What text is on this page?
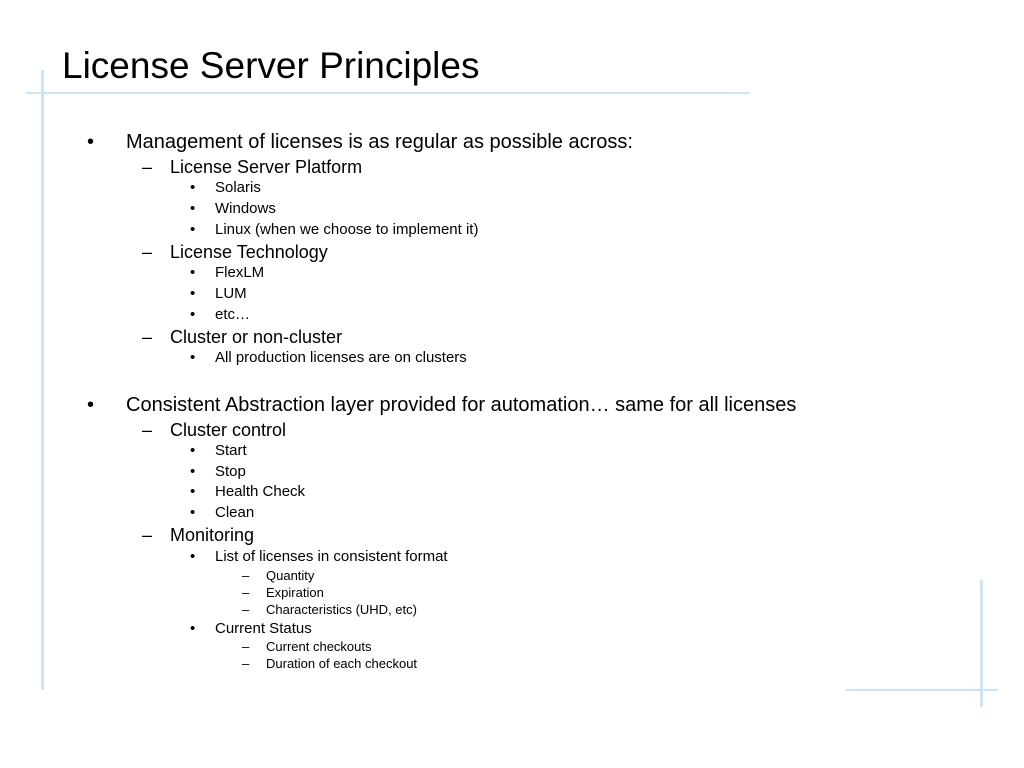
License Server Principles
• Management of licenses is as regular as possible across:
– License Server Platform
• Solaris
• Windows
• Linux (when we choose to implement it)
– License Technology
• FlexLM
• LUM
• etc…
– Cluster or non-cluster
• All production licenses are on clusters
• Consistent Abstraction layer provided for automation… same for all licenses
– Cluster control
• Start
• Stop
• Health Check
• Clean
– Monitoring
• List of licenses in consistent format
– Quantity
– Expiration
– Characteristics (UHD, etc)
• Current Status
– Current checkouts
– Duration of each checkout
